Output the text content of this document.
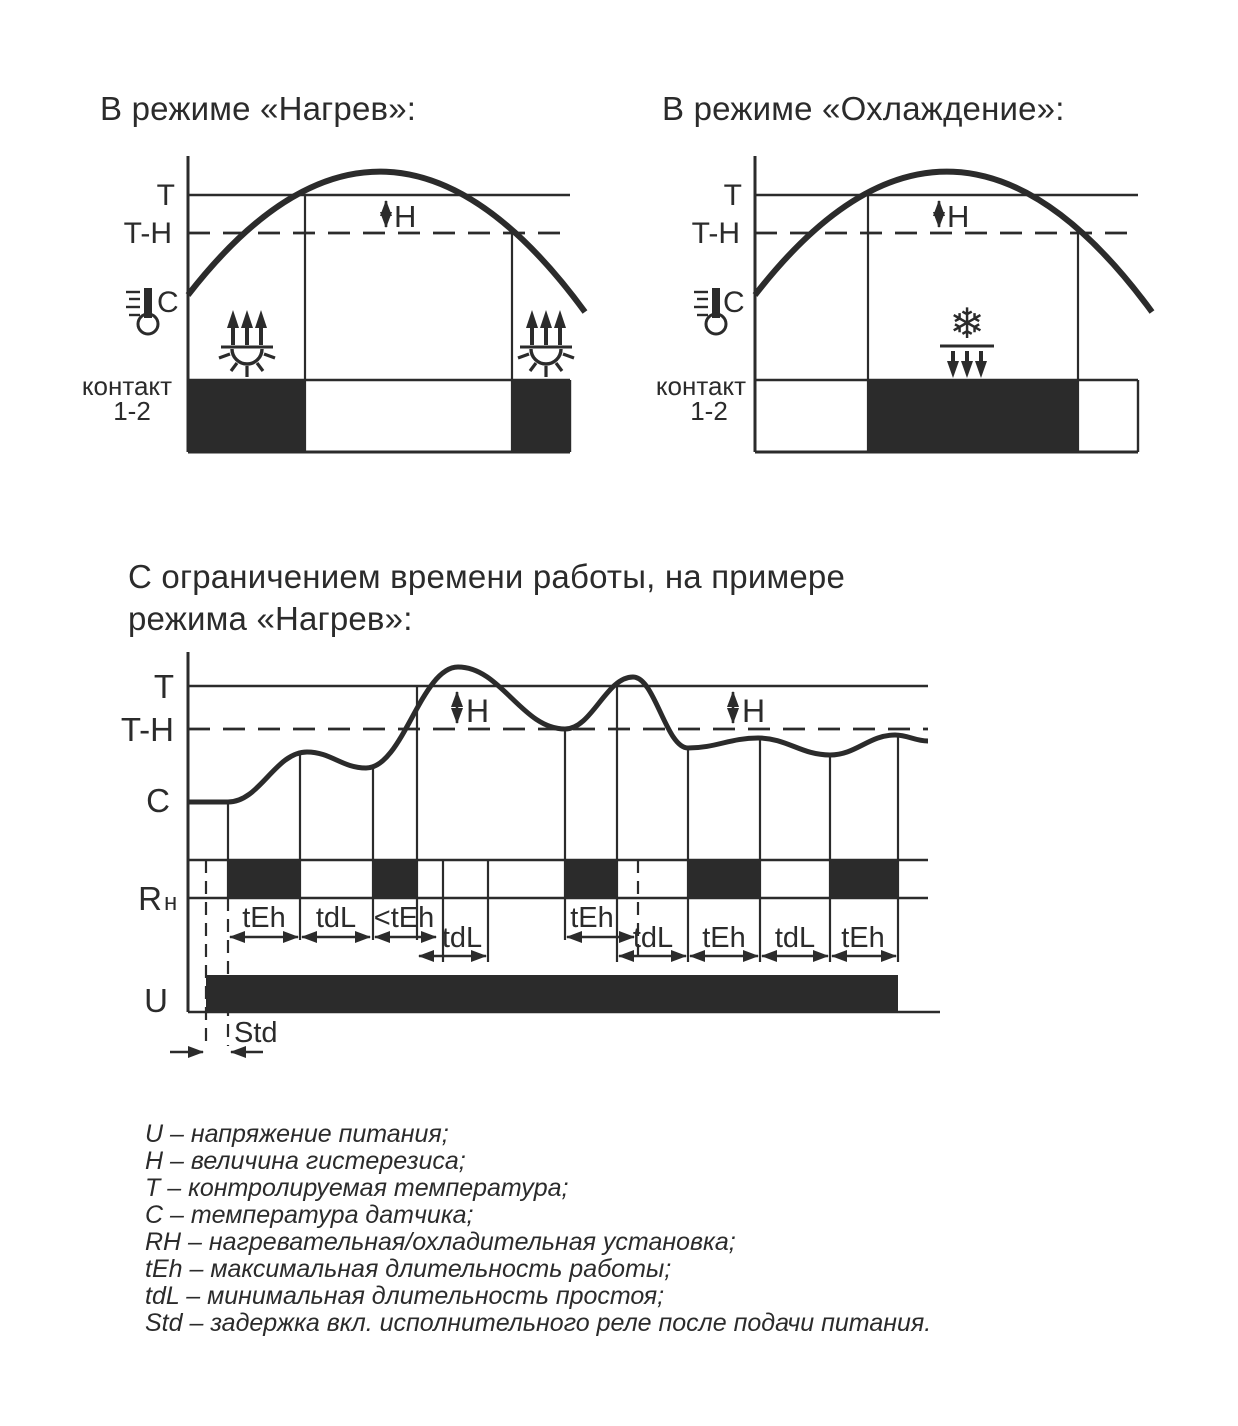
В режиме «Нагрев»:	В режиме «Охлаждение»:
С ограничением времени работы, на примере
режима «Нагрев»:
H
T
T-H
C
контакт
1-2
H
T
T-H
C
контакт
1-2
❄
tEh tdL <tEh	tEh
tdL	tdL tEh tdL tEh
H	H
Std
T
T-H
C
R н
U
U – напряжение питания;
H – величина гистерезиса;
T – контролируемая температура;
C – температура датчика;
RH – нагревательная/охладительная установка;
tEh – максимальная длительность работы;
tdL – минимальная длительность простоя;
Std – задержка вкл. исполнительного реле после подачи питания.
